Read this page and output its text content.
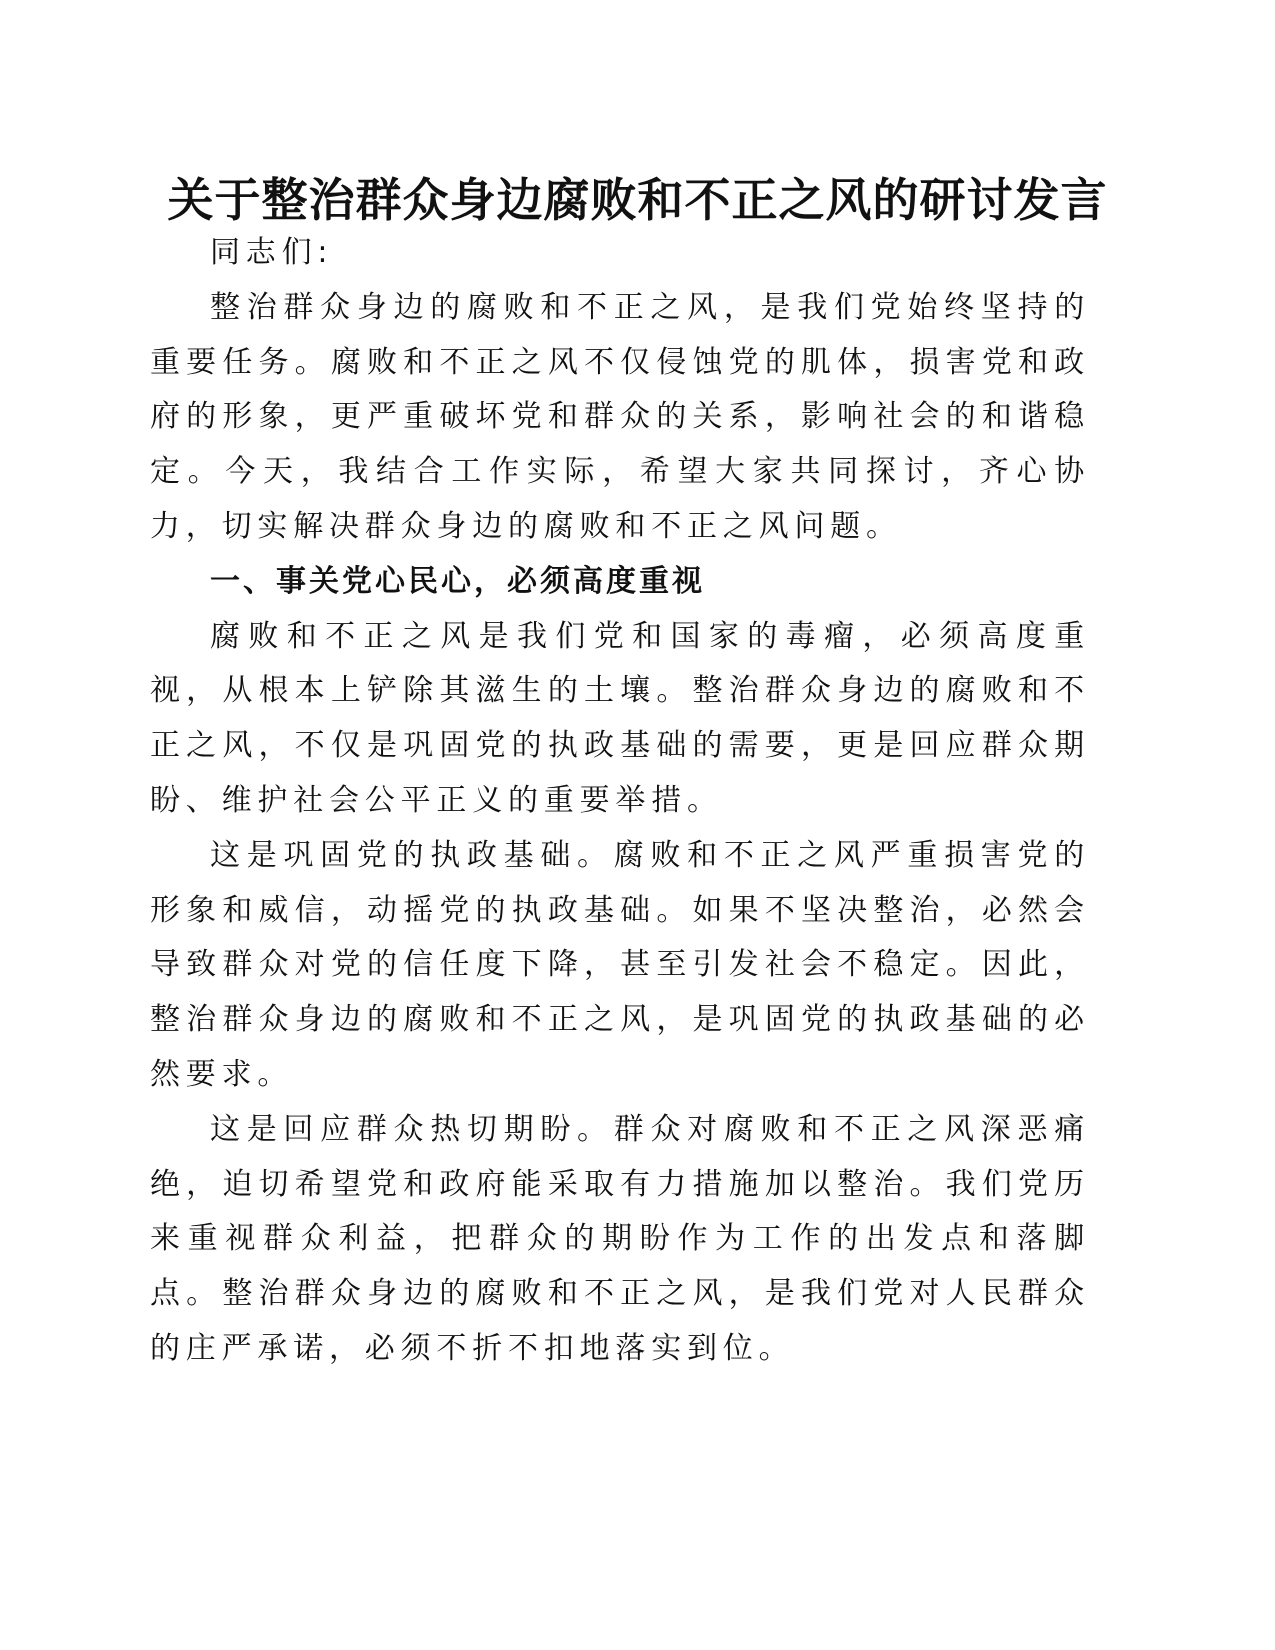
关于整治群众身边腐败和不正之风的研讨发言

同志们:

整治群众身边的腐败和不正之风，是我们党始终坚持的重要任务。腐败和不正之风不仅侵蚀党的肌体，损害党和政府的形象，更严重破坏党和群众的关系，影响社会的和谐稳定。今天，我结合工作实际，希望大家共同探讨，齐心协力，切实解决群众身边的腐败和不正之风问题。

一、事关党心民心，必须高度重视

腐败和不正之风是我们党和国家的毒瘤，必须高度重视，从根本上铲除其滋生的土壤。整治群众身边的腐败和不正之风，不仅是巩固党的执政基础的需要，更是回应群众期盼、维护社会公平正义的重要举措。

这是巩固党的执政基础。腐败和不正之风严重损害党的形象和威信，动摇党的执政基础。如果不坚决整治，必然会导致群众对党的信任度下降，甚至引发社会不稳定。因此，整治群众身边的腐败和不正之风，是巩固党的执政基础的必然要求。

这是回应群众热切期盼。群众对腐败和不正之风深恶痛绝，迫切希望党和政府能采取有力措施加以整治。我们党历来重视群众利益，把群众的期盼作为工作的出发点和落脚点。整治群众身边的腐败和不正之风，是我们党对人民群众的庄严承诺，必须不折不扣地落实到位。
